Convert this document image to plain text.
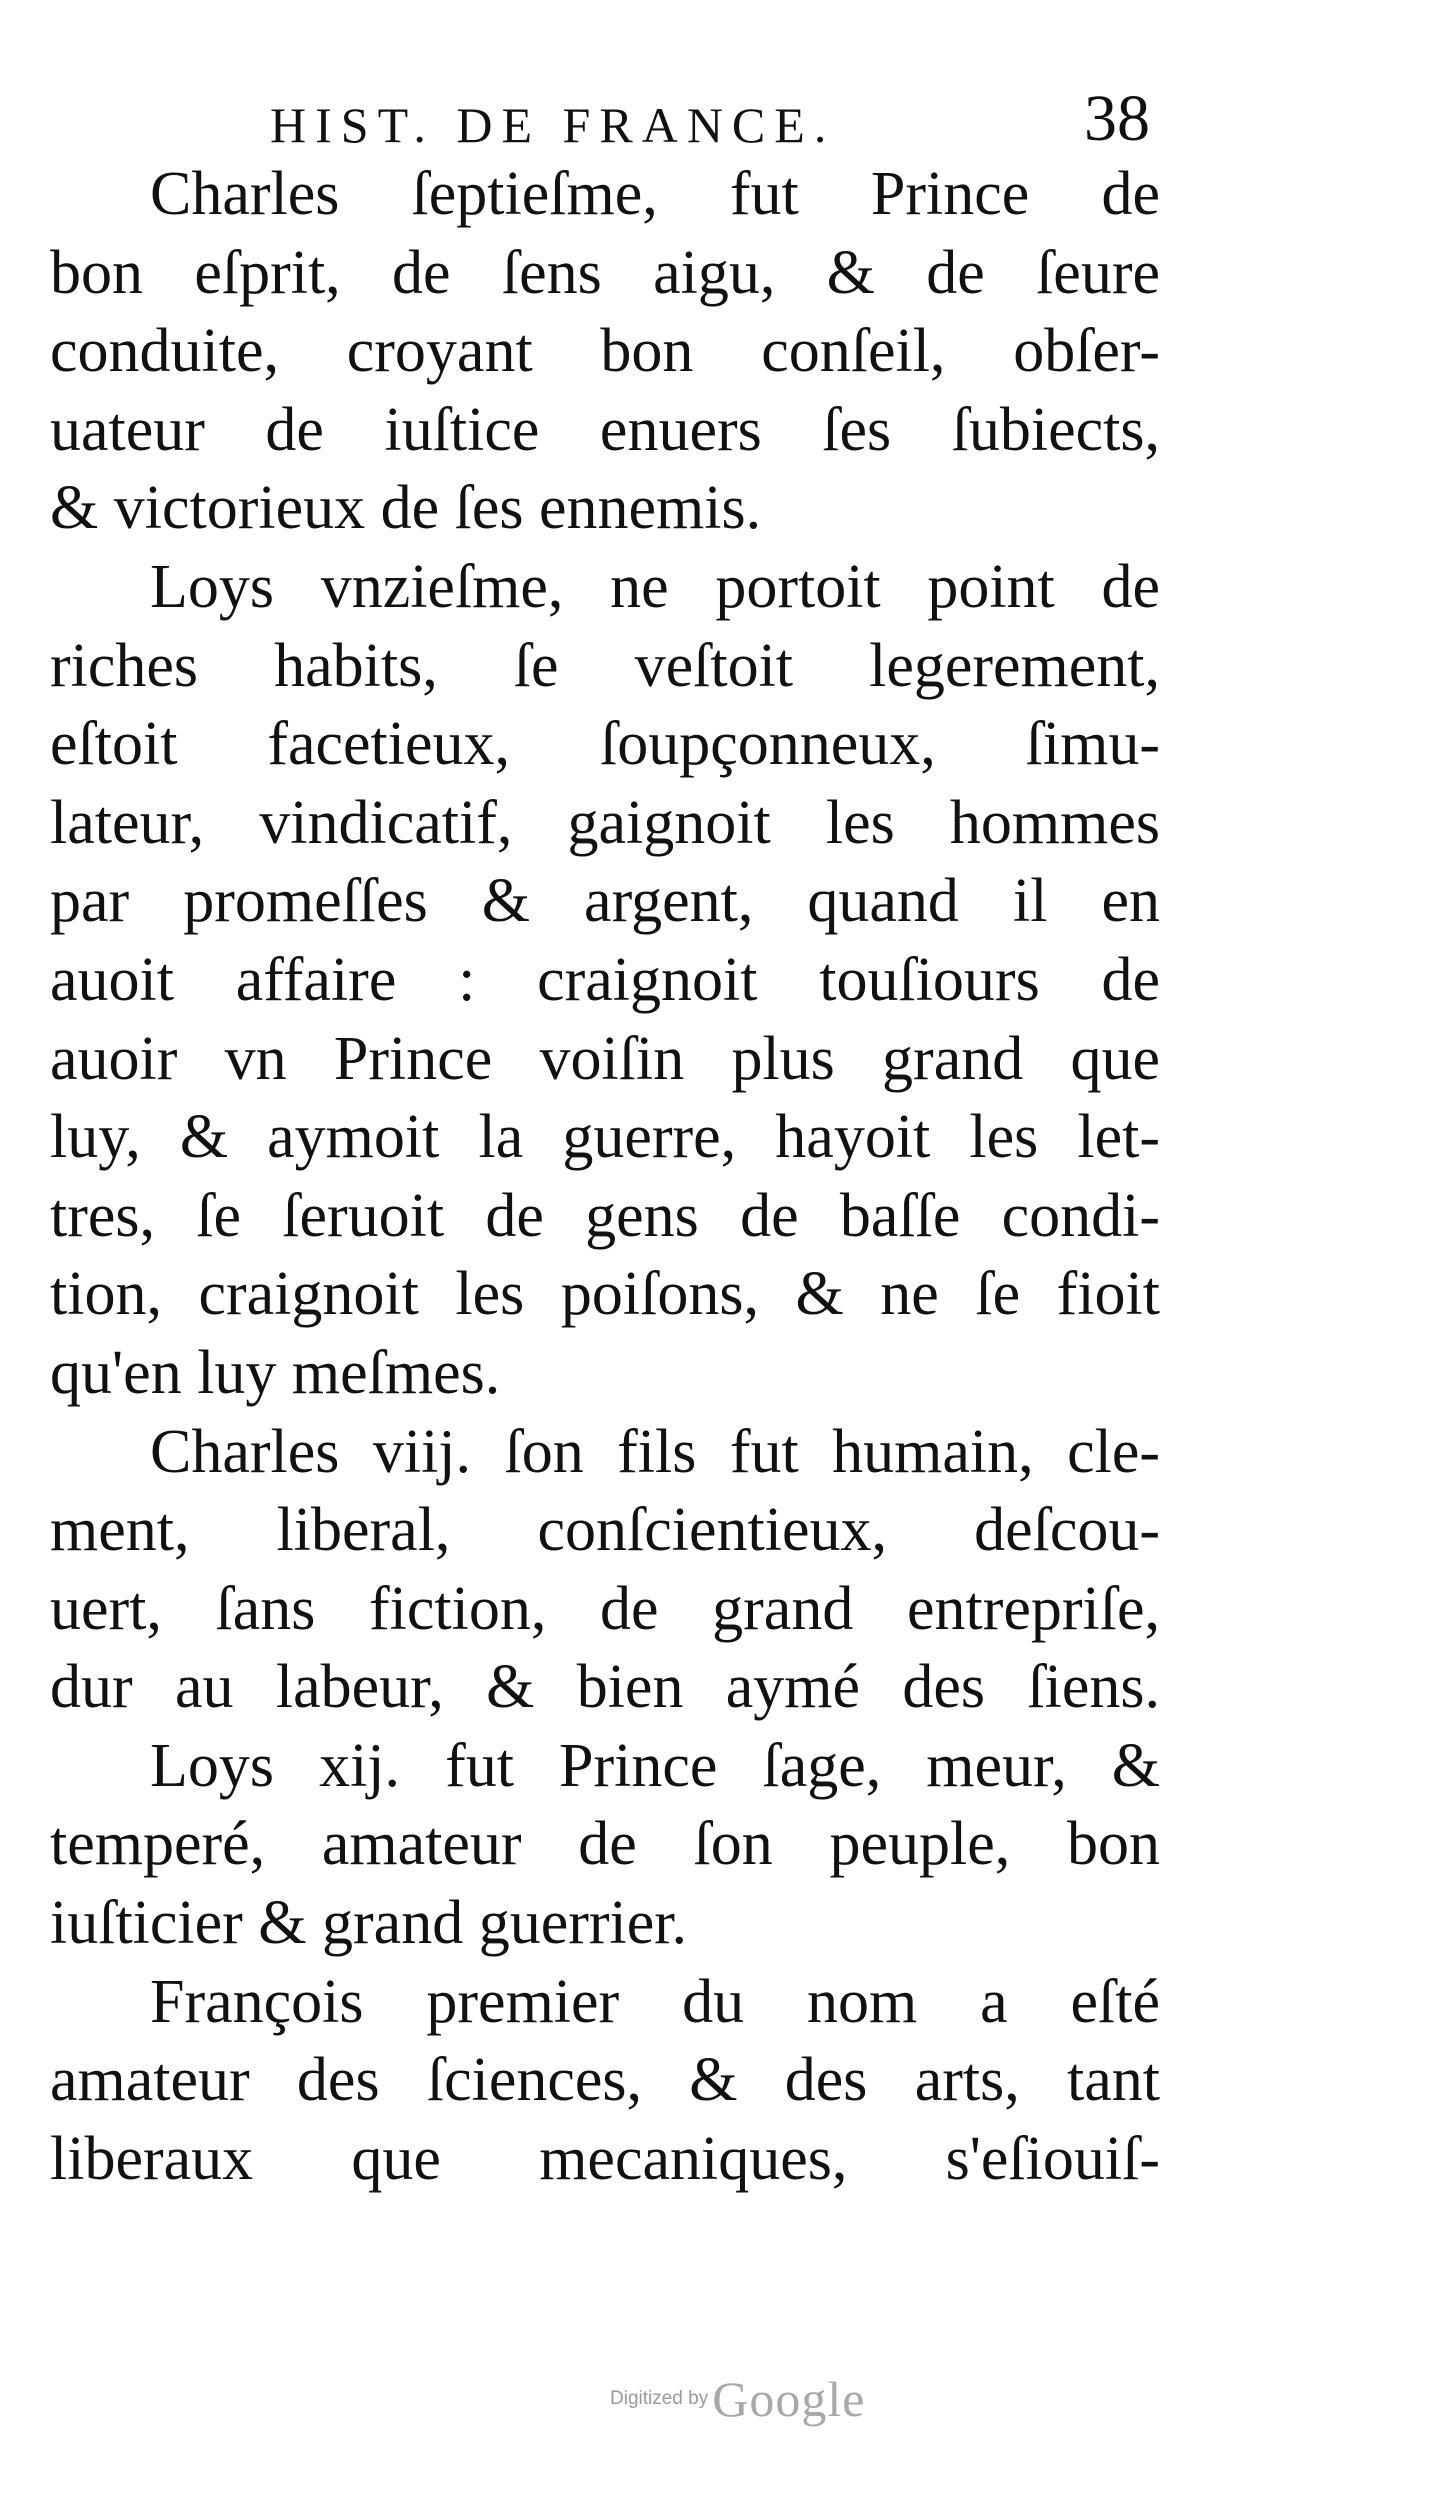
HIST. DE FRANCE.	38
Charles ſeptieſme, fut Prince de
bon eſprit, de ſens aigu, & de ſeure
conduite, croyant bon conſeil, obſer-
uateur de iuſtice enuers ſes ſubiects,
& victorieux de ſes ennemis.
Loys vnzieſme, ne portoit point de
riches habits, ſe veſtoit legerement,
eſtoit facetieux, ſoupçonneux, ſimu-
lateur, vindicatif, gaignoit les hommes
par promeſſes & argent, quand il en
auoit affaire : craignoit touſiours de
auoir vn Prince voiſin plus grand que
luy, & aymoit la guerre, hayoit les let-
tres, ſe ſeruoit de gens de baſſe condi-
tion, craignoit les poiſons, & ne ſe fioit
qu'en luy meſmes.
Charles viij. ſon fils fut humain, cle-
ment, liberal, conſcientieux, deſcou-
uert, ſans fiction, de grand entrepriſe,
dur au labeur, & bien aymé des ſiens.
Loys xij. fut Prince ſage, meur, &
temperé, amateur de ſon peuple, bon
iuſticier & grand guerrier.
François premier du nom a eſté
amateur des ſciences, & des arts, tant
liberaux que mecaniques, s'eſiouiſ-
Digitized by Google
